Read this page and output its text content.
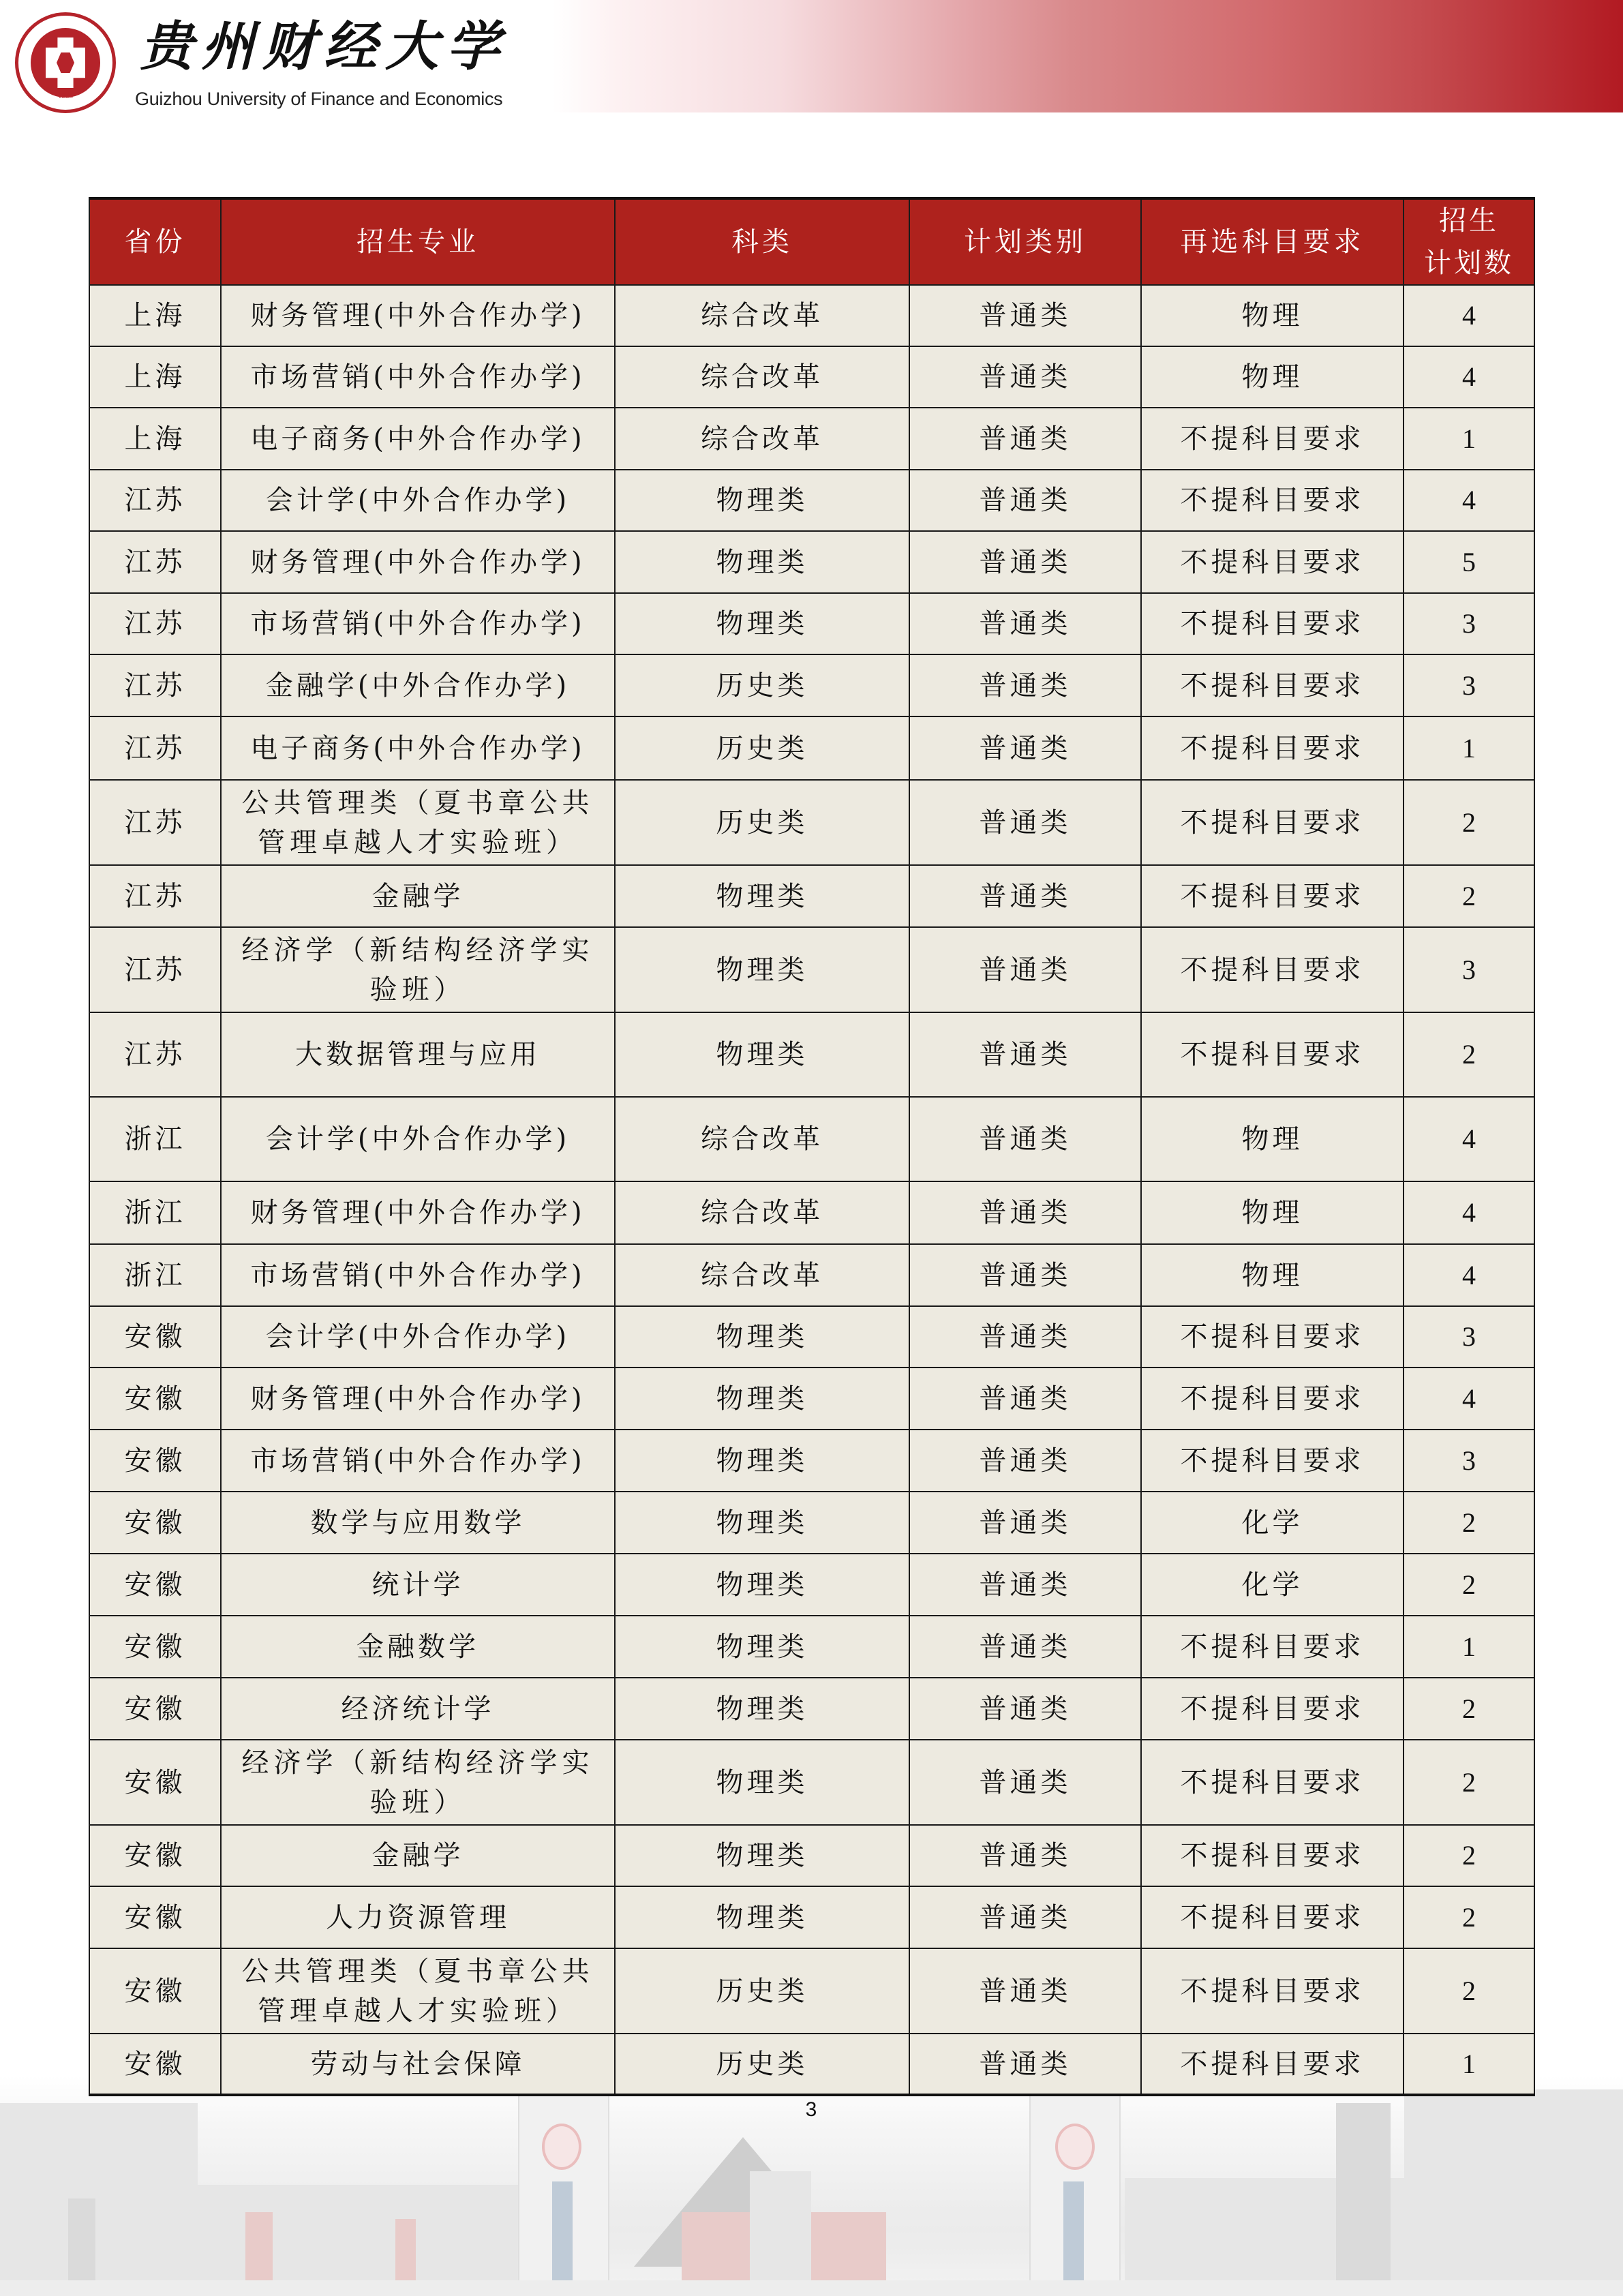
1958
贵州财经大学
Guizhou University of Finance and Economics
省份	招生专业	科类	计划类别	再选科目要求	招生
计划数
上海	财务管理(中外合作办学)	综合改革	普通类	物理	4
上海	市场营销(中外合作办学)	综合改革	普通类	物理	4
上海	电子商务(中外合作办学)	综合改革	普通类	不提科目要求	1
江苏	会计学(中外合作办学)	物理类	普通类	不提科目要求	4
江苏	财务管理(中外合作办学)	物理类	普通类	不提科目要求	5
江苏	市场营销(中外合作办学)	物理类	普通类	不提科目要求	3
江苏	金融学(中外合作办学)	历史类	普通类	不提科目要求	3
江苏	电子商务(中外合作办学)	历史类	普通类	不提科目要求	1
江苏	公共管理类（夏书章公共管理卓越人才实验班）	历史类	普通类	不提科目要求	2
江苏	金融学	物理类	普通类	不提科目要求	2
江苏	经济学（新结构经济学实验班）	物理类	普通类	不提科目要求	3
江苏	大数据管理与应用	物理类	普通类	不提科目要求	2
浙江	会计学(中外合作办学)	综合改革	普通类	物理	4
浙江	财务管理(中外合作办学)	综合改革	普通类	物理	4
浙江	市场营销(中外合作办学)	综合改革	普通类	物理	4
安徽	会计学(中外合作办学)	物理类	普通类	不提科目要求	3
安徽	财务管理(中外合作办学)	物理类	普通类	不提科目要求	4
安徽	市场营销(中外合作办学)	物理类	普通类	不提科目要求	3
安徽	数学与应用数学	物理类	普通类	化学	2
安徽	统计学	物理类	普通类	化学	2
安徽	金融数学	物理类	普通类	不提科目要求	1
安徽	经济统计学	物理类	普通类	不提科目要求	2
安徽	经济学（新结构经济学实验班）	物理类	普通类	不提科目要求	2
安徽	金融学	物理类	普通类	不提科目要求	2
安徽	人力资源管理	物理类	普通类	不提科目要求	2
安徽	公共管理类（夏书章公共管理卓越人才实验班）	历史类	普通类	不提科目要求	2
安徽	劳动与社会保障	历史类	普通类	不提科目要求	1
3
